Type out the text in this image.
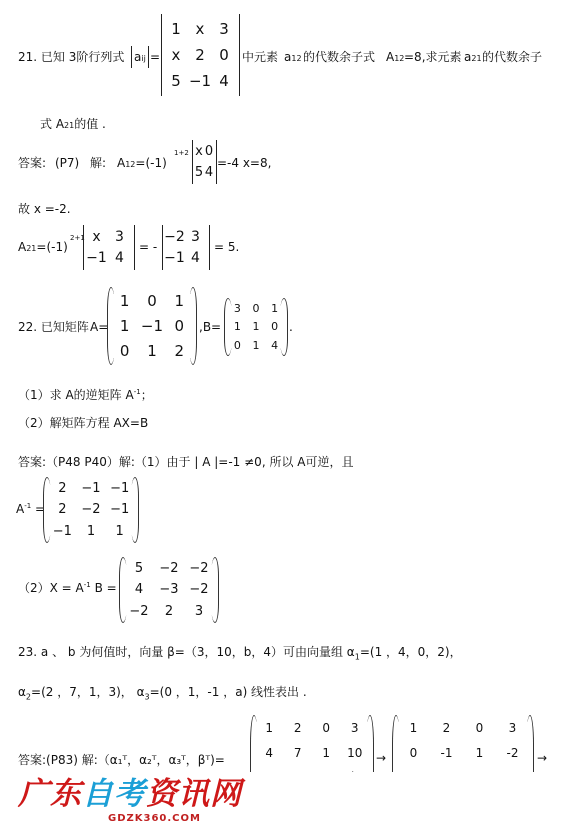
21. 已知 3阶行列式 aij =
1 x 3
x 2 0
5 −1 4
中元素 a12 的代数余子式 A12 =8,求元素 a21 的代数余子
式 A21的值 .
答案: (P7) 解: A12=(-1)
1+2 x 0
5 4
=-4 x=8,
故 x =-2.
A21=(-1)
2+1 x 3
−1 4
= -
−2 3
−1 4
= 5.
22. 已知矩阵 A=
1 0 1
1 −1 0
0 1 2
,B=
3 0 1
1 1 0
0 1 4
.
（1）求 A的逆矩阵 $A^{-1}$；
（2）解矩阵方程 AX=B
答案:（P48 P40）解:（1）由于 | A |=-1 ≠0, 所以 A可逆，且
$A^{-1}$ =
2 −1 −1
2 −2 −1
−1 1 1
$(2)X = A^{-1}$ B =
5 −2 −2
4 −3 −2
−2 2 3
23. a 、 b 为何值时，向量 β=（3，10，b，4）可由向量组 $\alpha_1=(1$ ，4，0，2)，
$\alpha_2=(2$ ，7，1，3)， $\alpha_3=(0$ ，1，-1 ，a) 线性表出 .
答案:(P83) 解:（α₁ᵀ，α₂ᵀ，α₃ᵀ，βᵀ)=
1 2 0 3
4 7 1 10 →
1 2 0 3
0 -1 1 -2 →
广东自考资讯网
GDZK360.COM
